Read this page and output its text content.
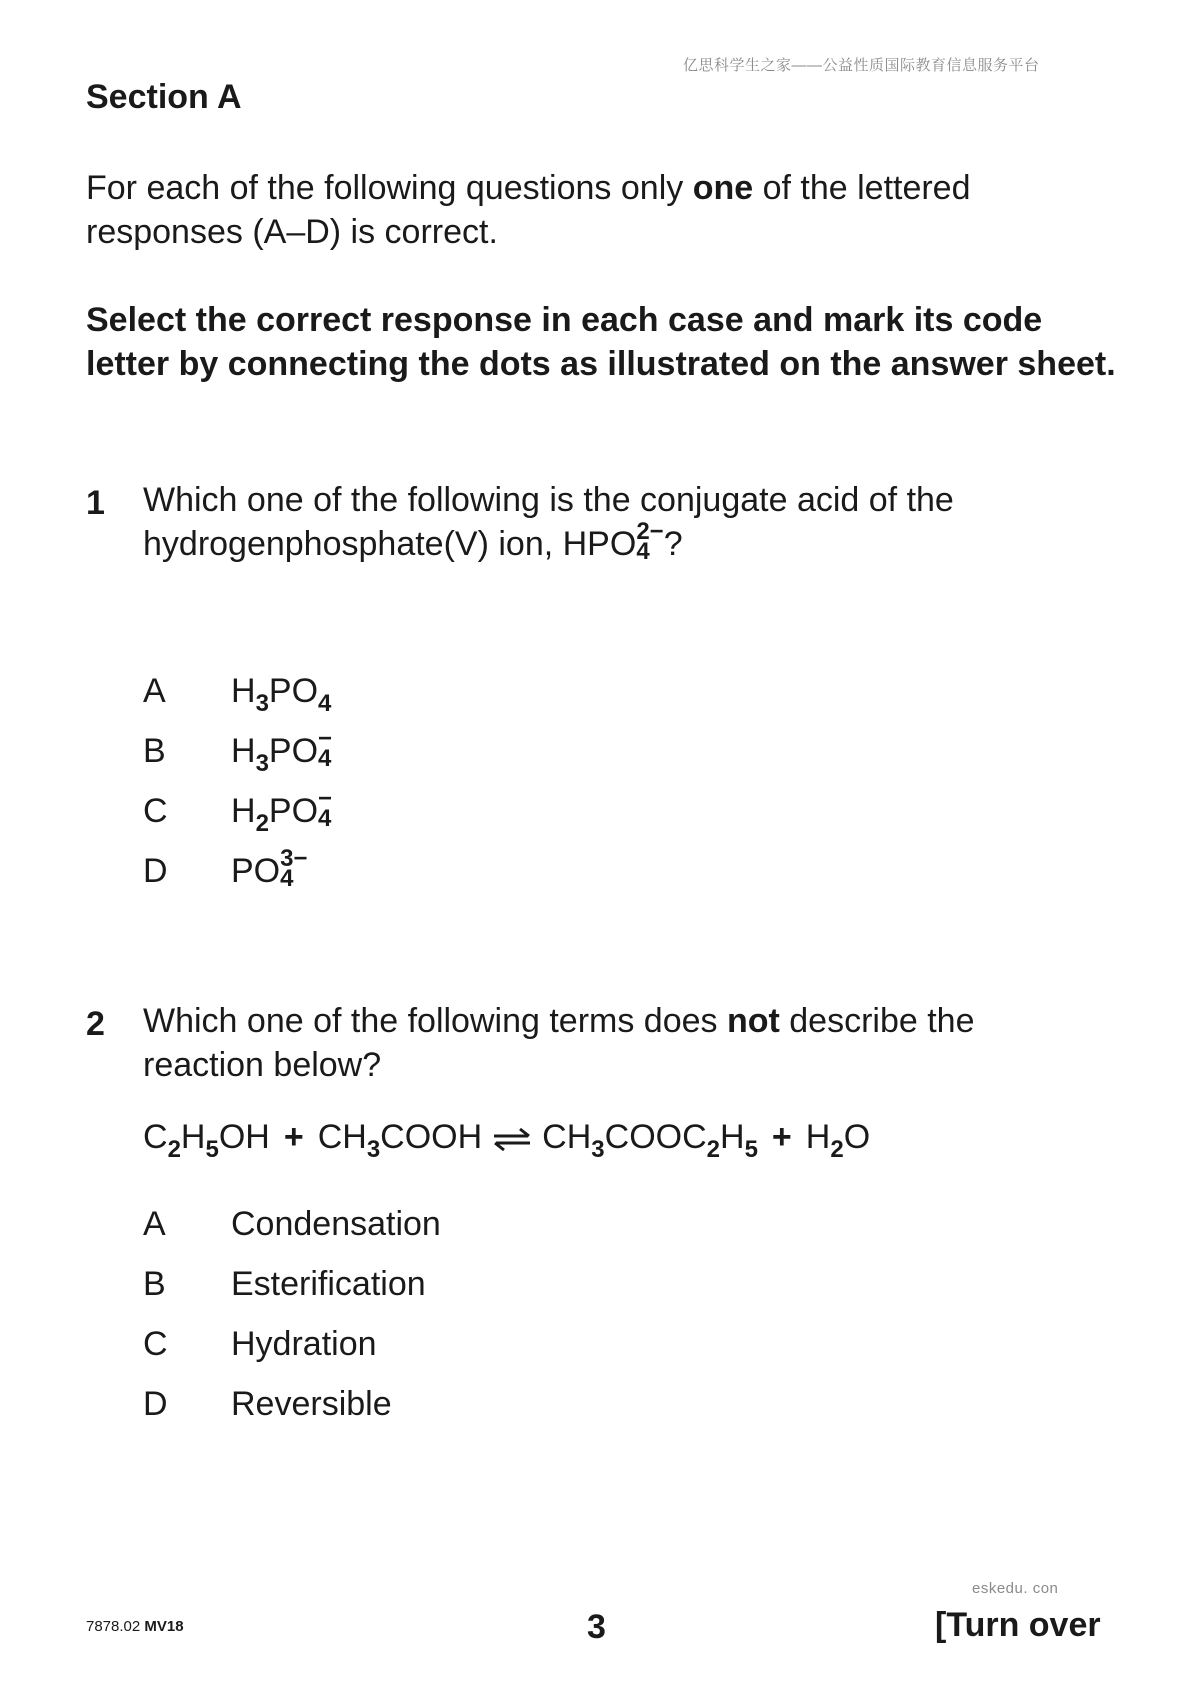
亿思科学生之家——公益性质国际教育信息服务平台
Section A
For each of the following questions only one of the lettered responses (A–D) is correct.
Select the correct response in each case and mark its code letter by connecting the dots as illustrated on the answer sheet.
1 Which one of the following is the conjugate acid of the hydrogenphosphate(V) ion, HPO 2−
4 ?
A $H_3PO_4$
B $H_3PO$ −
4
C $H_2PO$ −
4
D PO 3−
4
2 Which one of the following terms does not describe the reaction below?
$C_2H_5OH$ + $CH_3COOH$ ⇌ $CH_3COOC_2H_5 + H_2O$
A Condensation
B Esterification
C Hydration
D Reversible
eskedu. con
7878.02 MV18	3	[Turn over
